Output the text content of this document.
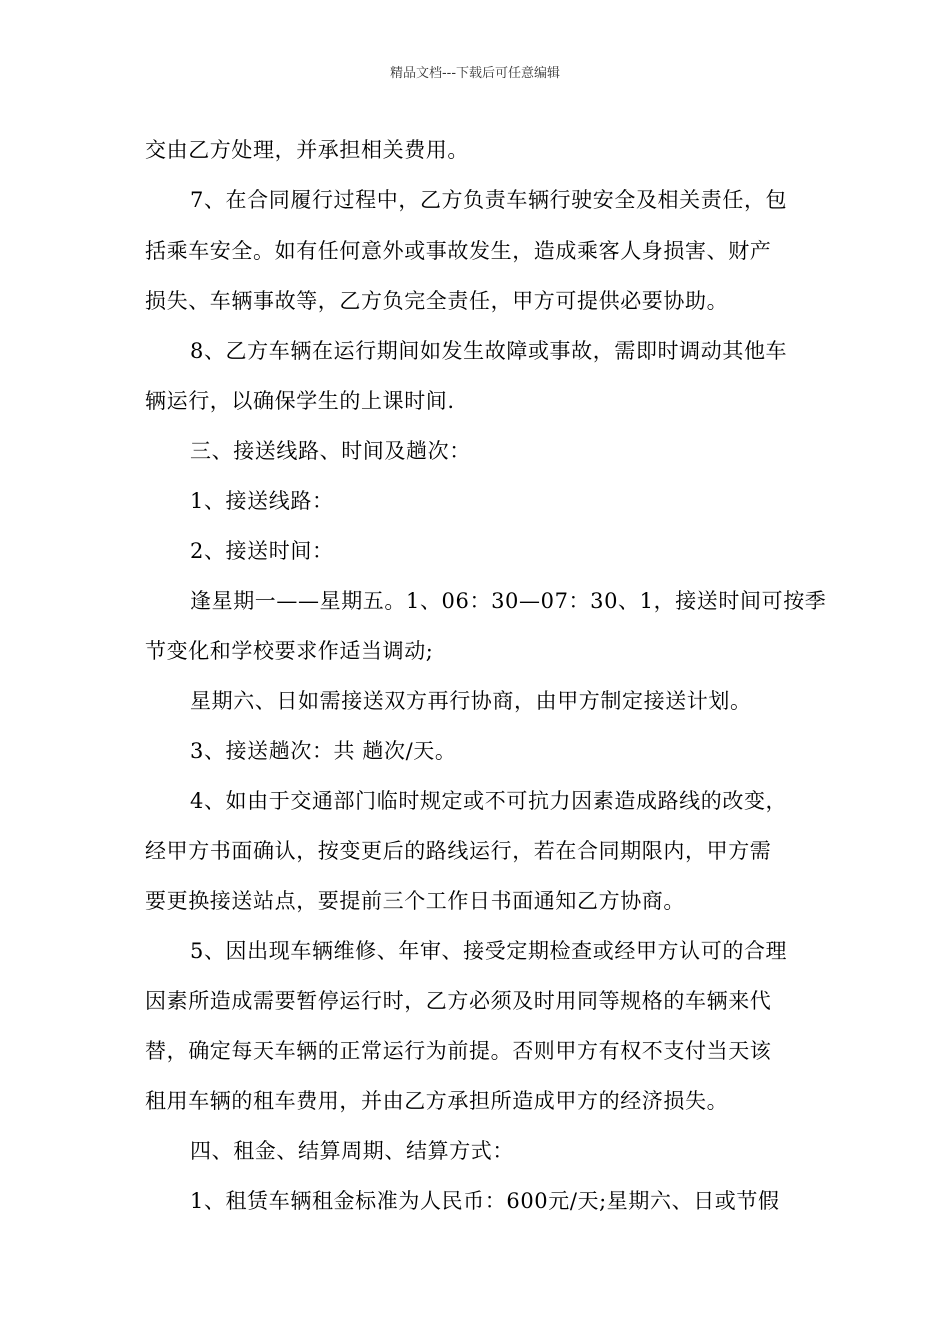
精品文档---下载后可任意编辑
交由乙方处理，并承担相关费用。
7、在合同履行过程中，乙方负责车辆行驶安全及相关责任，包
括乘车安全。如有任何意外或事故发生，造成乘客人身损害、财产
损失、车辆事故等，乙方负完全责任，甲方可提供必要协助。
8、乙方车辆在运行期间如发生故障或事故，需即时调动其他车
辆运行，以确保学生的上课时间.
三、接送线路、时间及趟次：
1、接送线路：
2、接送时间：
逢星期一——星期五。1、06：30—07：30、1，接送时间可按季
节变化和学校要求作适当调动;
星期六、日如需接送双方再行协商，由甲方制定接送计划。
3、接送趟次：共 趟次/天。
4、如由于交通部门临时规定或不可抗力因素造成路线的改变，
经甲方书面确认，按变更后的路线运行，若在合同期限内，甲方需
要更换接送站点，要提前三个工作日书面通知乙方协商。
5、因出现车辆维修、年审、接受定期检查或经甲方认可的合理
因素所造成需要暂停运行时，乙方必须及时用同等规格的车辆来代
替，确定每天车辆的正常运行为前提。否则甲方有权不支付当天该
租用车辆的租车费用，并由乙方承担所造成甲方的经济损失。
四、租金、结算周期、结算方式：
1、租赁车辆租金标准为人民币：600元/天;星期六、日或节假
